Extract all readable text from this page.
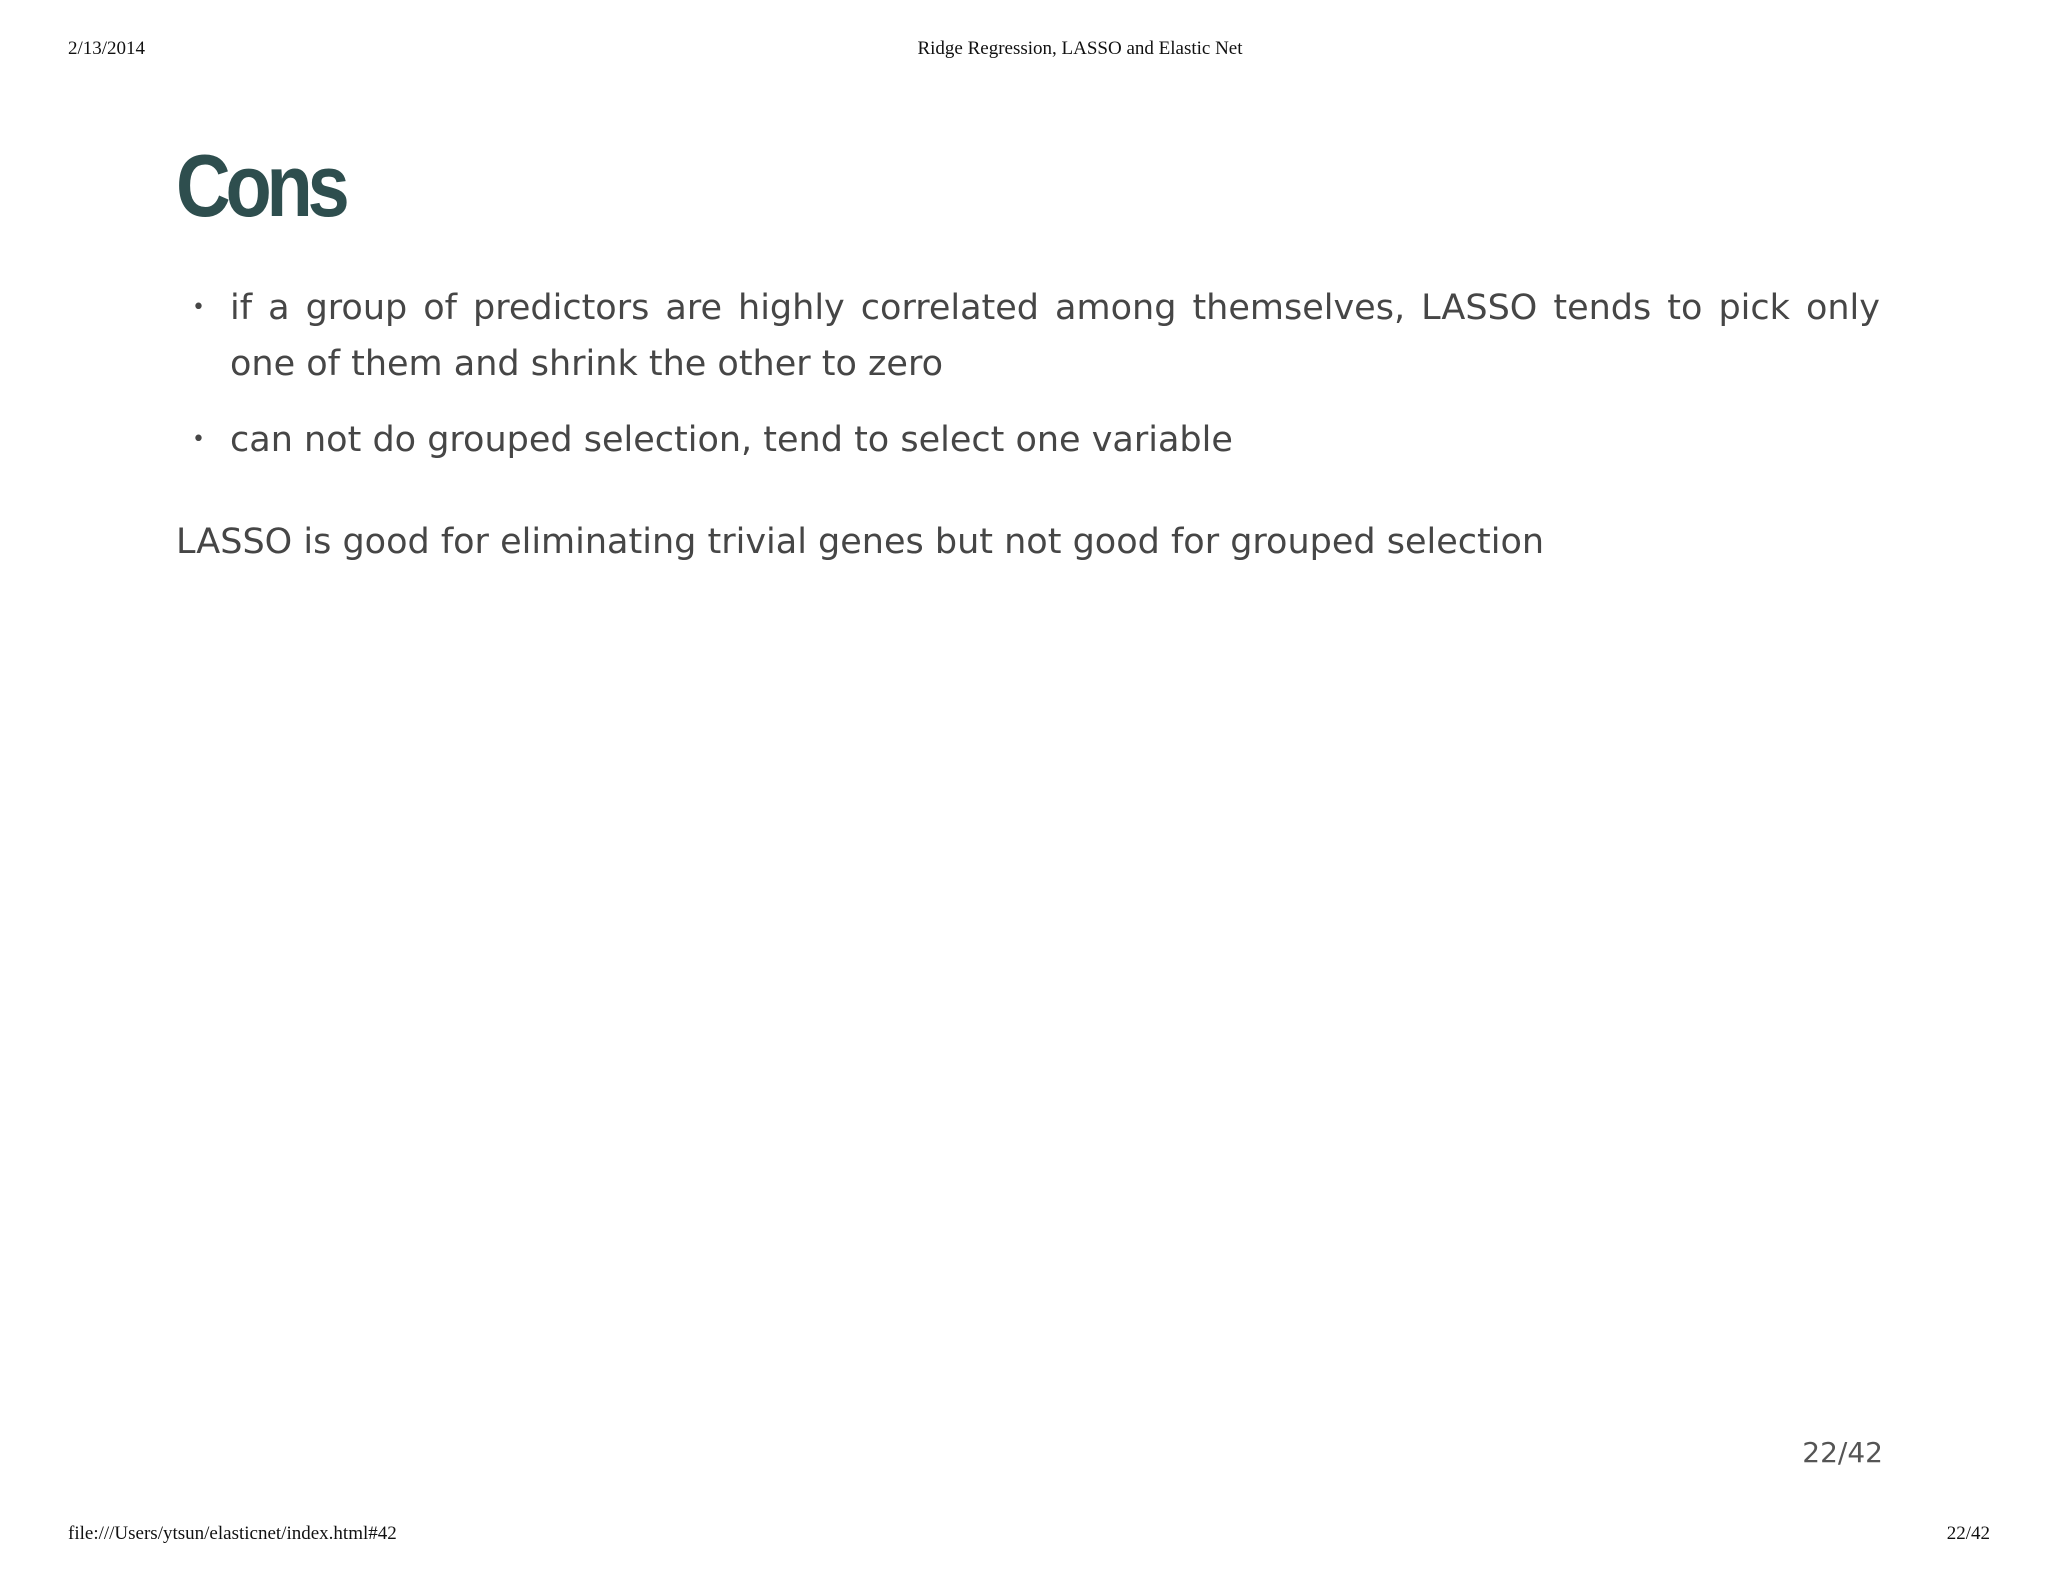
2/13/2014	Ridge Regression, LASSO and Elastic Net
Cons
• if a group of predictors are highly correlated among themselves, LASSO tends to pick only one of them and shrink the other to zero
• can not do grouped selection, tend to select one variable

LASSO is good for eliminating trivial genes but not good for grouped selection

22/42
file:///Users/ytsun/elasticnet/index.html#42	22/42
